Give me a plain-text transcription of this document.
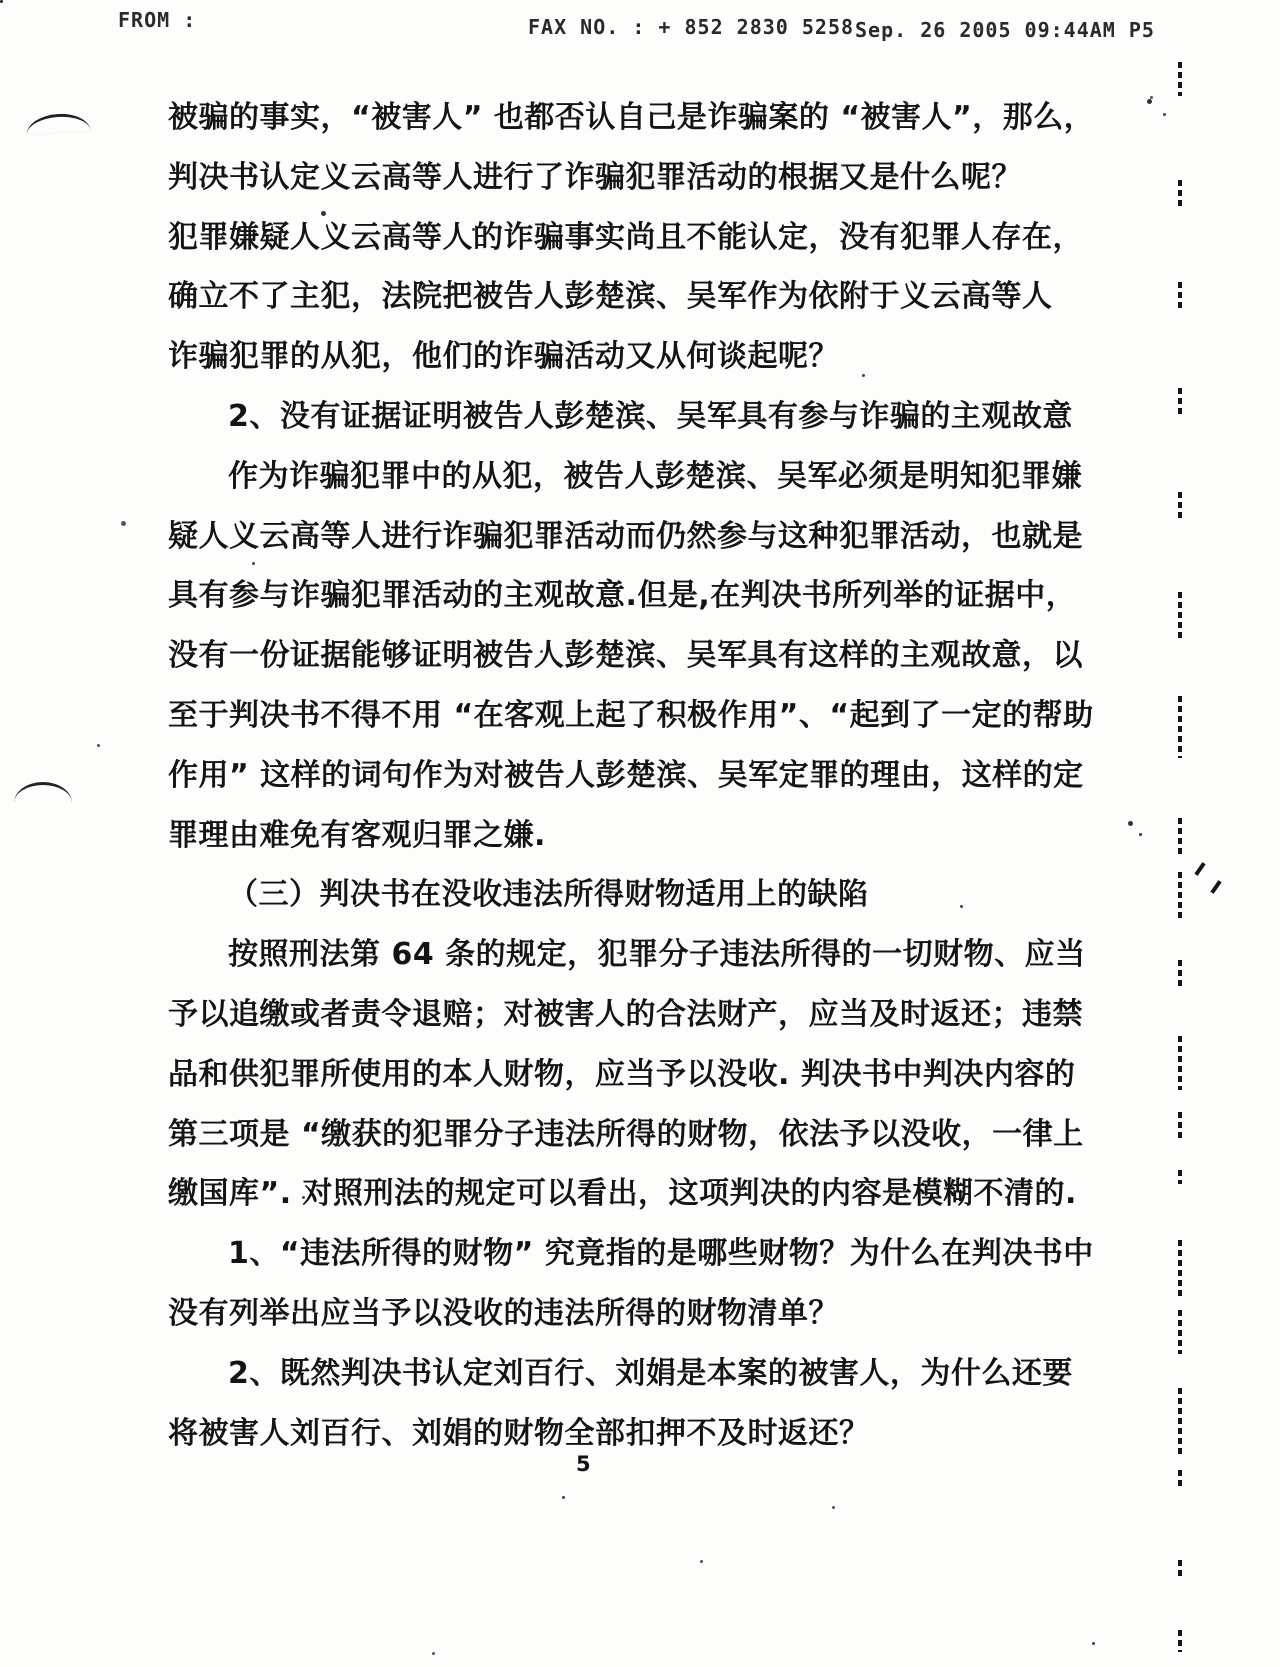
FROM :	FAX NO. : + 852 2830 5258 Sep. 26 2005 09:44AM P5
被骗的事实，“被害人” 也都否认自己是诈骗案的 “被害人”，那么，
判决书认定义云高等人进行了诈骗犯罪活动的根据又是什么呢？
犯罪嫌疑人义云高等人的诈骗事实尚且不能认定，没有犯罪人存在，
确立不了主犯，法院把被告人彭楚滨、吴军作为依附于义云高等人
诈骗犯罪的从犯，他们的诈骗活动又从何谈起呢？
2、没有证据证明被告人彭楚滨、吴军具有参与诈骗的主观故意
作为诈骗犯罪中的从犯，被告人彭楚滨、吴军必须是明知犯罪嫌
疑人义云高等人进行诈骗犯罪活动而仍然参与这种犯罪活动，也就是
具有参与诈骗犯罪活动的主观故意.但是,在判决书所列举的证据中，
没有一份证据能够证明被告人彭楚滨、吴军具有这样的主观故意，以
至于判决书不得不用 “在客观上起了积极作用”、“起到了一定的帮助
作用” 这样的词句作为对被告人彭楚滨、吴军定罪的理由，这样的定
罪理由难免有客观归罪之嫌.
（三）判决书在没收违法所得财物适用上的缺陷
按照刑法第 64 条的规定，犯罪分子违法所得的一切财物、应当
予以追缴或者责令退赔；对被害人的合法财产，应当及时返还；违禁
品和供犯罪所使用的本人财物，应当予以没收. 判决书中判决内容的
第三项是 “缴获的犯罪分子违法所得的财物，依法予以没收，一律上
缴国库”. 对照刑法的规定可以看出，这项判决的内容是模糊不清的.
1、“违法所得的财物” 究竟指的是哪些财物？为什么在判决书中
没有列举出应当予以没收的违法所得的财物清单？
2、既然判决书认定刘百行、刘娟是本案的被害人，为什么还要
将被害人刘百行、刘娟的财物全部扣押不及时返还？
5
